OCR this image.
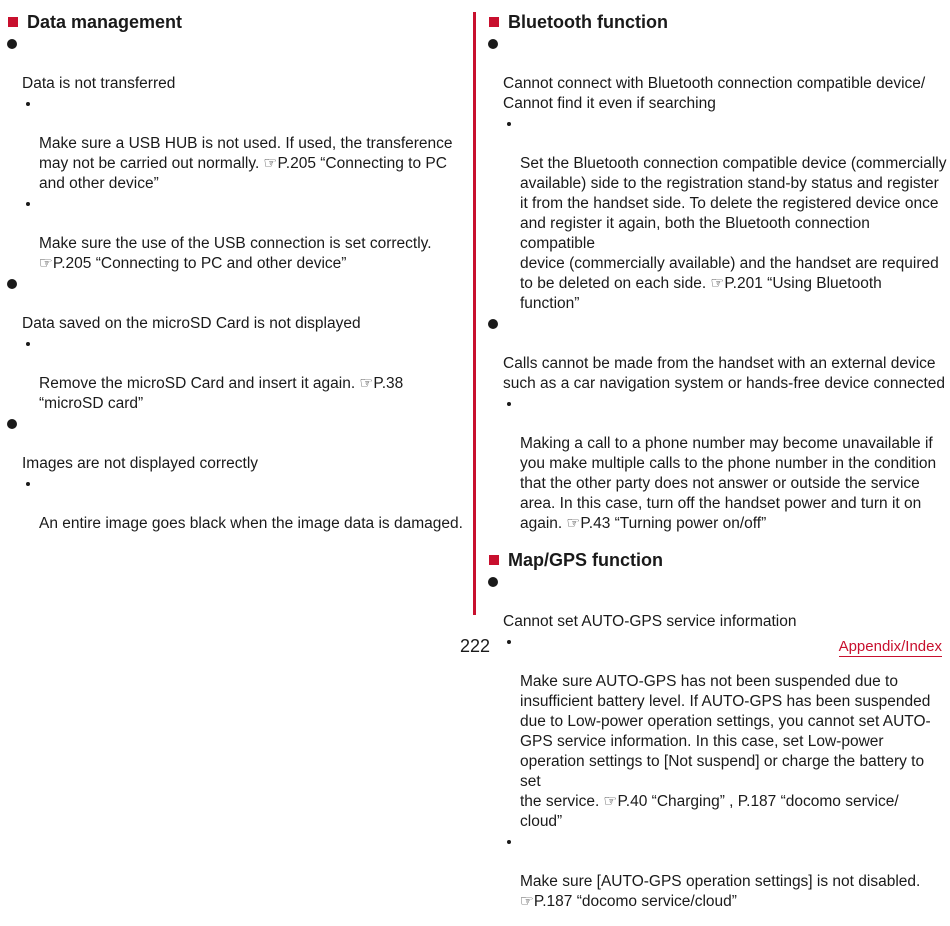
Data management

Data is not transferred

Make sure a USB HUB is not used. If used, the transference
may not be carried out normally. ☞P.205 “Connecting to PC
and other device”

Make sure the use of the USB connection is set correctly.
☞P.205 “Connecting to PC and other device”

Data saved on the microSD Card is not displayed

Remove the microSD Card and insert it again. ☞P.38
“microSD card”

Images are not displayed correctly

An entire image goes black when the image data is damaged.

Bluetooth function

Cannot connect with Bluetooth connection compatible device/
Cannot find it even if searching

Set the Bluetooth connection compatible device (commercially
available) side to the registration stand-by status and register
it from the handset side. To delete the registered device once
and register it again, both the Bluetooth connection compatible
device (commercially available) and the handset are required
to be deleted on each side. ☞P.201 “Using Bluetooth
function”

Calls cannot be made from the handset with an external device
such as a car navigation system or hands-free device connected

Making a call to a phone number may become unavailable if
you make multiple calls to the phone number in the condition
that the other party does not answer or outside the service
area. In this case, turn off the handset power and turn it on
again. ☞P.43 “Turning power on/off”

Map/GPS function

Cannot set AUTO-GPS service information

Make sure AUTO-GPS has not been suspended due to
insufficient battery level. If AUTO-GPS has been suspended
due to Low-power operation settings, you cannot set AUTO-
GPS service information. In this case, set Low-power
operation settings to [Not suspend] or charge the battery to set
the service. ☞P.40 “Charging” , P.187 “docomo service/
cloud”

Make sure [AUTO-GPS operation settings] is not disabled.
☞P.187 “docomo service/cloud”

222	Appendix/Index
